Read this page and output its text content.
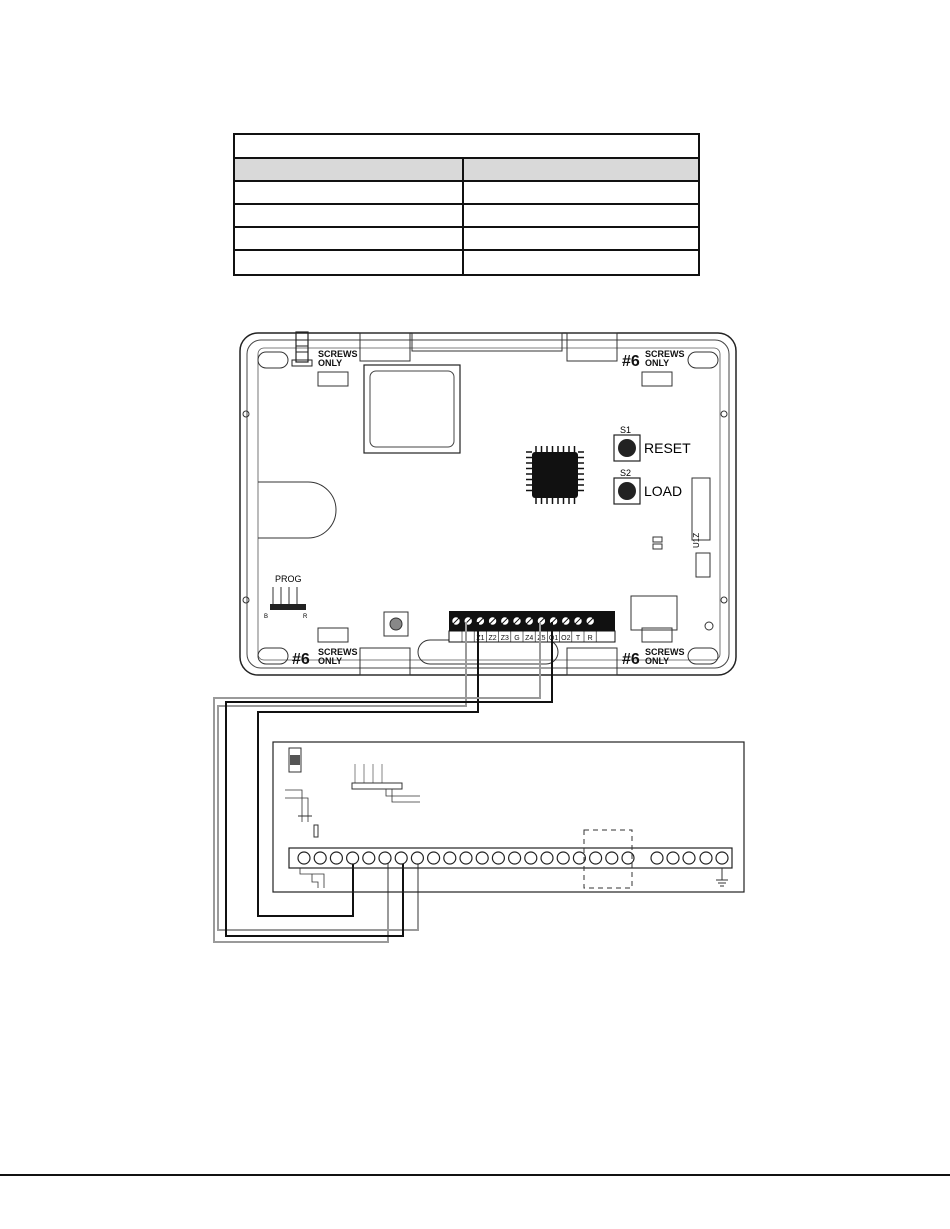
SCREWS
ONLY	#6 SCREWS
ONLY
#6 SCREWS
ONLY	#6 SCREWS
ONLY
S1
RESET
S2
LOAD
U1Z
PROG
B	R
Z1 Z2 Z3 G Z4 Z5 O1 O2 T R
